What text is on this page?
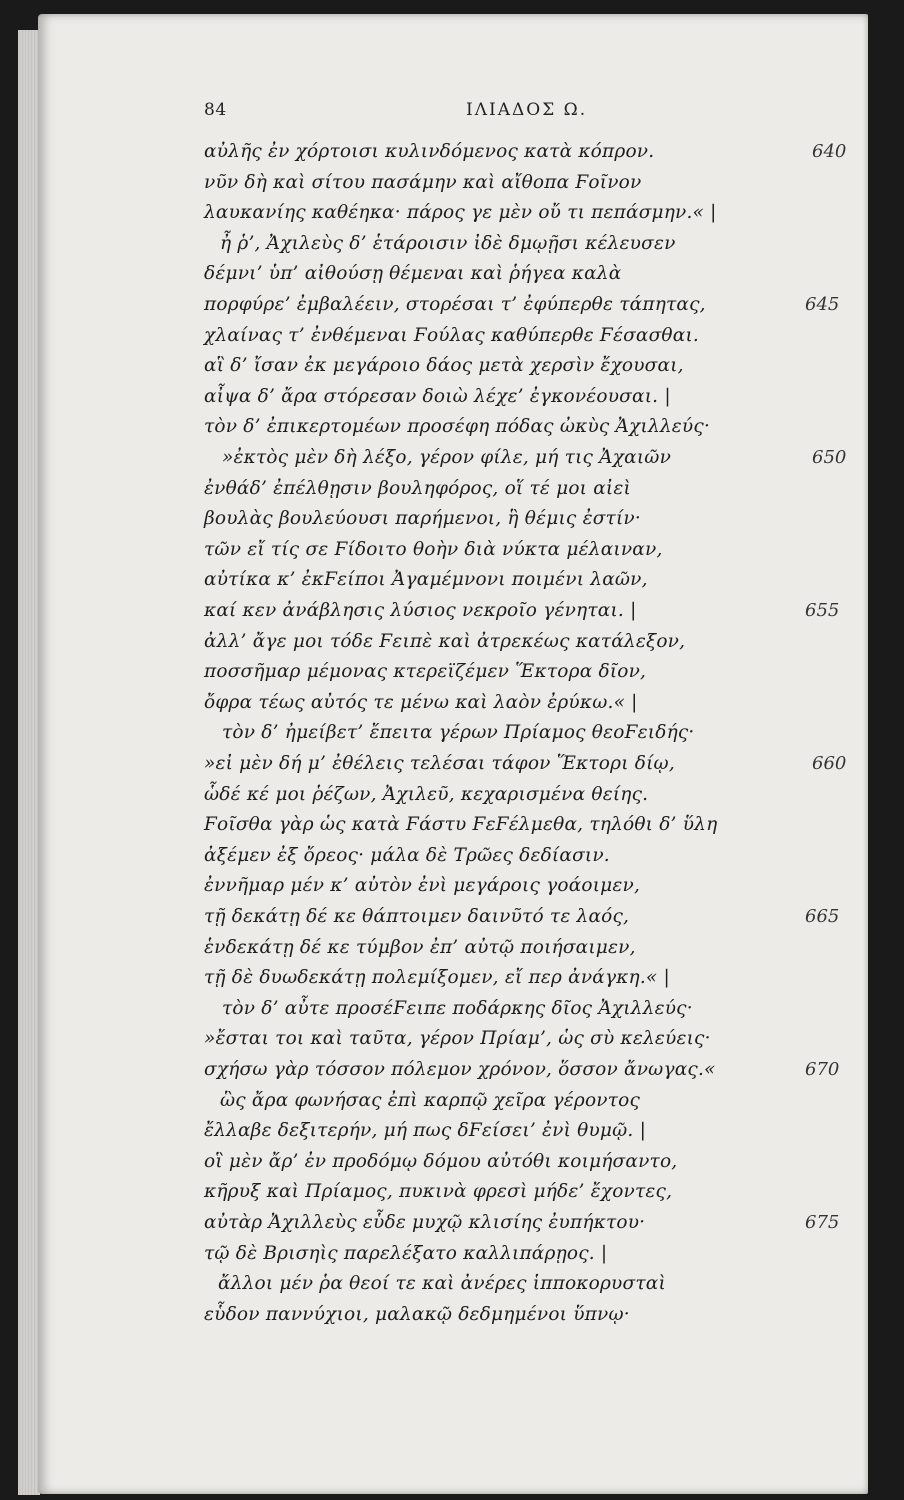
84	ΙΛΙΑΔΟΣ Ω.
αὐλῆς ἐν χόρτοισι κυλινδόμενος κατὰ κόπρον.	640
νῦν δὴ καὶ σίτου πασάμην καὶ αἴθοπα Ϝοῖνον
λαυκανίης καθέηκα· πάρος γε μὲν οὔ τι πεπάσμην.« |
ἦ ῥ’, Ἀχιλεὺς δ’ ἑτάροισιν ἰδὲ δμῳῇσι κέλευσεν
δέμνι’ ὑπ’ αἰθούσῃ θέμεναι καὶ ῥήγεα καλὰ
πορφύρε’ ἐμβαλέειν, στορέσαι τ’ ἐφύπερθε τάπητας,	645
χλαίνας τ’ ἐνθέμεναι Ϝούλας καθύπερθε Ϝέσασθαι.
αἳ δ’ ἴσαν ἐκ μεγάροιο δάος μετὰ χερσὶν ἔχουσαι,
αἶψα δ’ ἄρα στόρεσαν δοιὼ λέχε’ ἐγκονέουσαι. |
τὸν δ’ ἐπικερτομέων προσέφη πόδας ὠκὺς Ἀχιλλεύς·
»ἐκτὸς μὲν δὴ λέξο, γέρον φίλε, μή τις Ἀχαιῶν	650
ἐνθάδ’ ἐπέλθῃσιν βουληφόρος, οἵ τέ μοι αἰεὶ
βουλὰς βουλεύουσι παρήμενοι, ἣ θέμις ἐστίν·
τῶν εἴ τίς σε Ϝίδοιτο θοὴν διὰ νύκτα μέλαιναν,
αὐτίκα κ’ ἐκϜείποι Ἀγαμέμνονι ποιμένι λαῶν,
καί κεν ἀνάβλησις λύσιος νεκροῖο γένηται. |	655
ἀλλ’ ἄγε μοι τόδε Ϝειπὲ καὶ ἀτρεκέως κατάλεξον,
ποσσῆμαρ μέμονας κτερεϊζέμεν Ἕκτορα δῖον,
ὄφρα τέως αὐτός τε μένω καὶ λαὸν ἐρύκω.« |
τὸν δ’ ἠμείβετ’ ἔπειτα γέρων Πρίαμος θεοϜειδής·
»εἰ μὲν δή μ’ ἐθέλεις τελέσαι τάφον Ἕκτορι δίῳ,	660
ὧδέ κέ μοι ῥέζων, Ἀχιλεῦ, κεχαρισμένα θείης.
Ϝοῖσθα γὰρ ὡς κατὰ Ϝάστυ ϜεϜέλμεθα, τηλόθι δ’ ὕλη
ἀξέμεν ἐξ ὄρεος· μάλα δὲ Τρῶες δεδίασιν.
ἐννῆμαρ μέν κ’ αὐτὸν ἐνὶ μεγάροις γοάοιμεν,
τῇ δεκάτῃ δέ κε θάπτοιμεν δαινῦτό τε λαός,	665
ἑνδεκάτῃ δέ κε τύμβον ἐπ’ αὐτῷ ποιήσαιμεν,
τῇ δὲ δυωδεκάτῃ πολεμίξομεν, εἴ περ ἀνάγκη.« |
τὸν δ’ αὖτε προσέϜειπε ποδάρκης δῖος Ἀχιλλεύς·
»ἔσται τοι καὶ ταῦτα, γέρον Πρίαμ’, ὡς σὺ κελεύεις·
σχήσω γὰρ τόσσον πόλεμον χρόνον, ὅσσον ἄνωγας.«	670
ὣς ἄρα φωνήσας ἐπὶ καρπῷ χεῖρα γέροντος
ἔλλαβε δεξιτερήν, μή πως δϜείσει’ ἐνὶ θυμῷ. |
οἳ μὲν ἄρ’ ἐν προδόμῳ δόμου αὐτόθι κοιμήσαντο,
κῆρυξ καὶ Πρίαμος, πυκινὰ φρεσὶ μήδε’ ἔχοντες,
αὐτὰρ Ἀχιλλεὺς εὗδε μυχῷ κλισίης ἐυπήκτου·	675
τῷ δὲ Βρισηὶς παρελέξατο καλλιπάρῃος. |
ἄλλοι μέν ῥα θεοί τε καὶ ἀνέρες ἱπποκορυσταὶ
εὗδον παννύχιοι, μαλακῷ δεδμημένοι ὕπνῳ·
